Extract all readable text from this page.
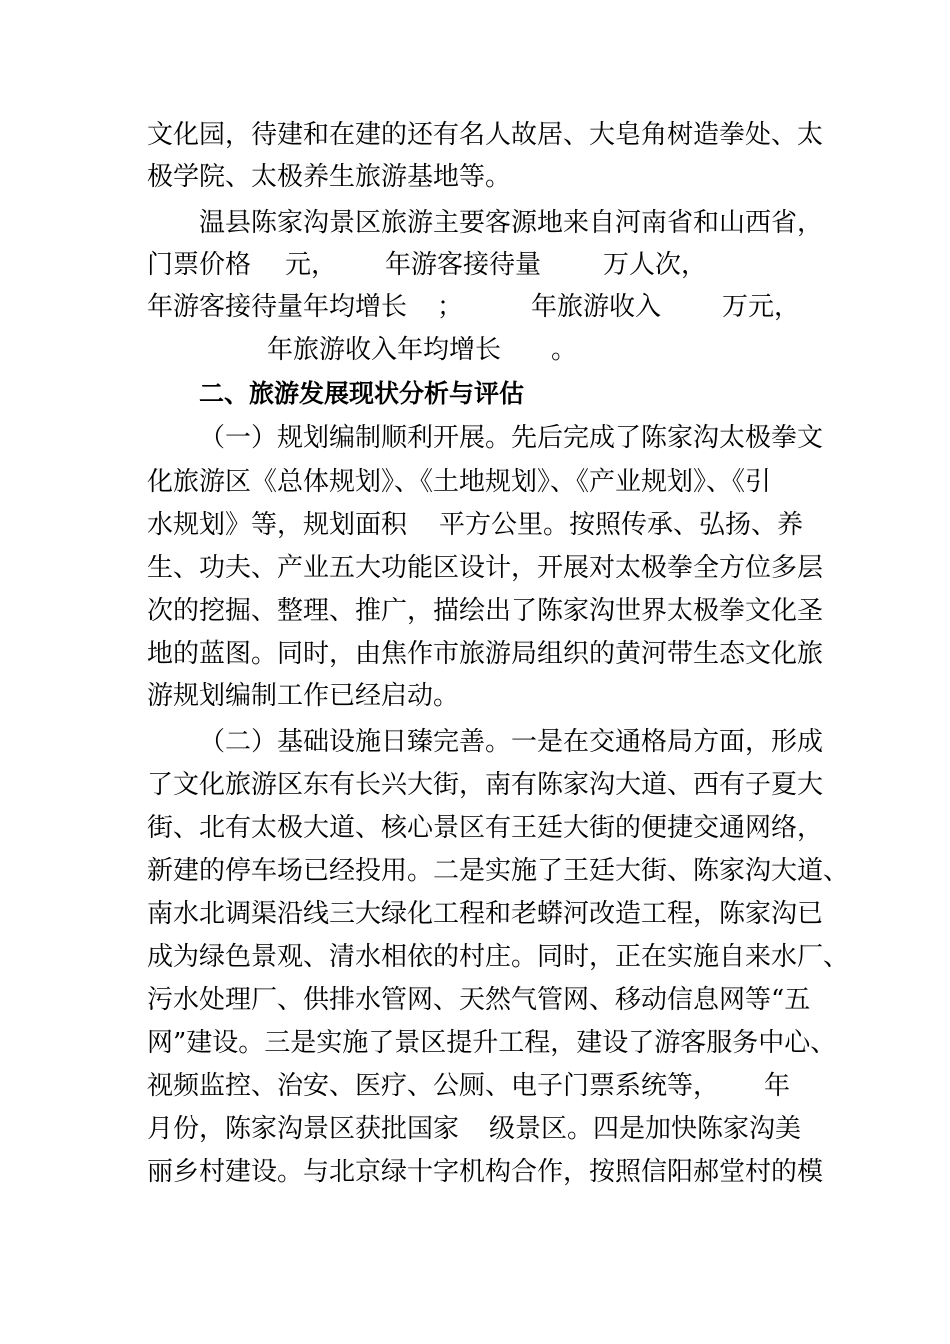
文化园，待建和在建的还有名人故居、大皂角树造拳处、太
极学院、太极养生旅游基地等。
温县陈家沟景区旅游主要客源地来自河南省和山西省，
门票价格 元， 年游客接待量 万人次，
年游客接待量年均增长 ；	年旅游收入 万元，
年旅游收入年均增长 。
二、旅游发展现状分析与评估
（一）规划编制顺利开展。先后完成了陈家沟太极拳文
化旅游区《总体规划》、《土地规划》、《产业规划》、《引
水规划》等，规划面积 平方公里。按照传承、弘扬、养
生、功夫、产业五大功能区设计，开展对太极拳全方位多层
次的挖掘、整理、推广，描绘出了陈家沟世界太极拳文化圣
地的蓝图。同时，由焦作市旅游局组织的黄河带生态文化旅
游规划编制工作已经启动。
（二）基础设施日臻完善。一是在交通格局方面，形成
了文化旅游区东有长兴大街，南有陈家沟大道、西有子夏大
街、北有太极大道、核心景区有王廷大街的便捷交通网络，
新建的停车场已经投用。二是实施了王廷大街、陈家沟大道、
南水北调渠沿线三大绿化工程和老蟒河改造工程，陈家沟已
成为绿色景观、清水相依的村庄。同时，正在实施自来水厂、
污水处理厂、供排水管网、天然气管网、移动信息网等“五
网”建设。三是实施了景区提升工程，建设了游客服务中心、
视频监控、治安、医疗、公厕、电子门票系统等， 年
月份，陈家沟景区获批国家 级景区。四是加快陈家沟美
丽乡村建设。与北京绿十字机构合作，按照信阳郝堂村的模
